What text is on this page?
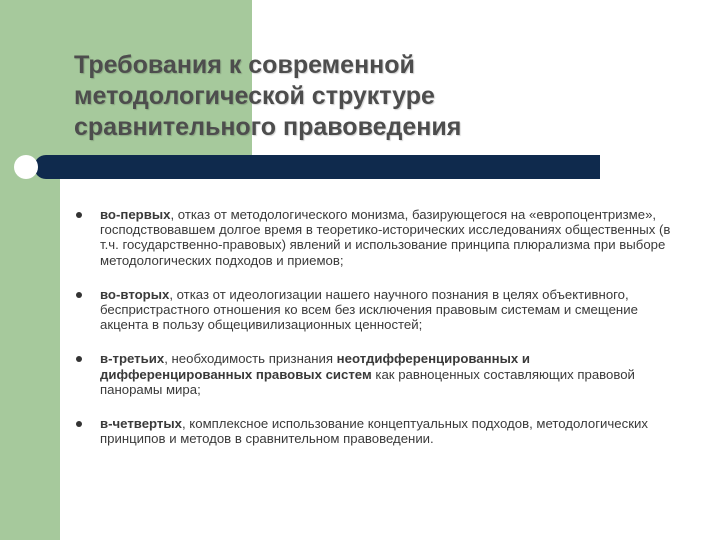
Требования к современной
методологической структуре
сравнительного правоведения
во-первых, отказ от методологического монизма, базирующегося на «европоцентризме», господствовавшем долгое время в теоретико-исторических исследованиях общественных (в т.ч. государственно-правовых) явлений и использование принципа плюрализма при выборе методологических подходов и приемов;
во-вторых, отказ от идеологизации нашего научного познания в целях объективного, беспристрастного отношения ко всем без исключения правовым системам и смещение акцента в пользу общецивилизационных ценностей;
в-третьих, необходимость признания неотдифференцированных и дифференцированных правовых систем как равноценных составляющих правовой панорамы мира;
в-четвертых, комплексное использование концептуальных подходов, методологических принципов и методов в сравнительном правоведении.
